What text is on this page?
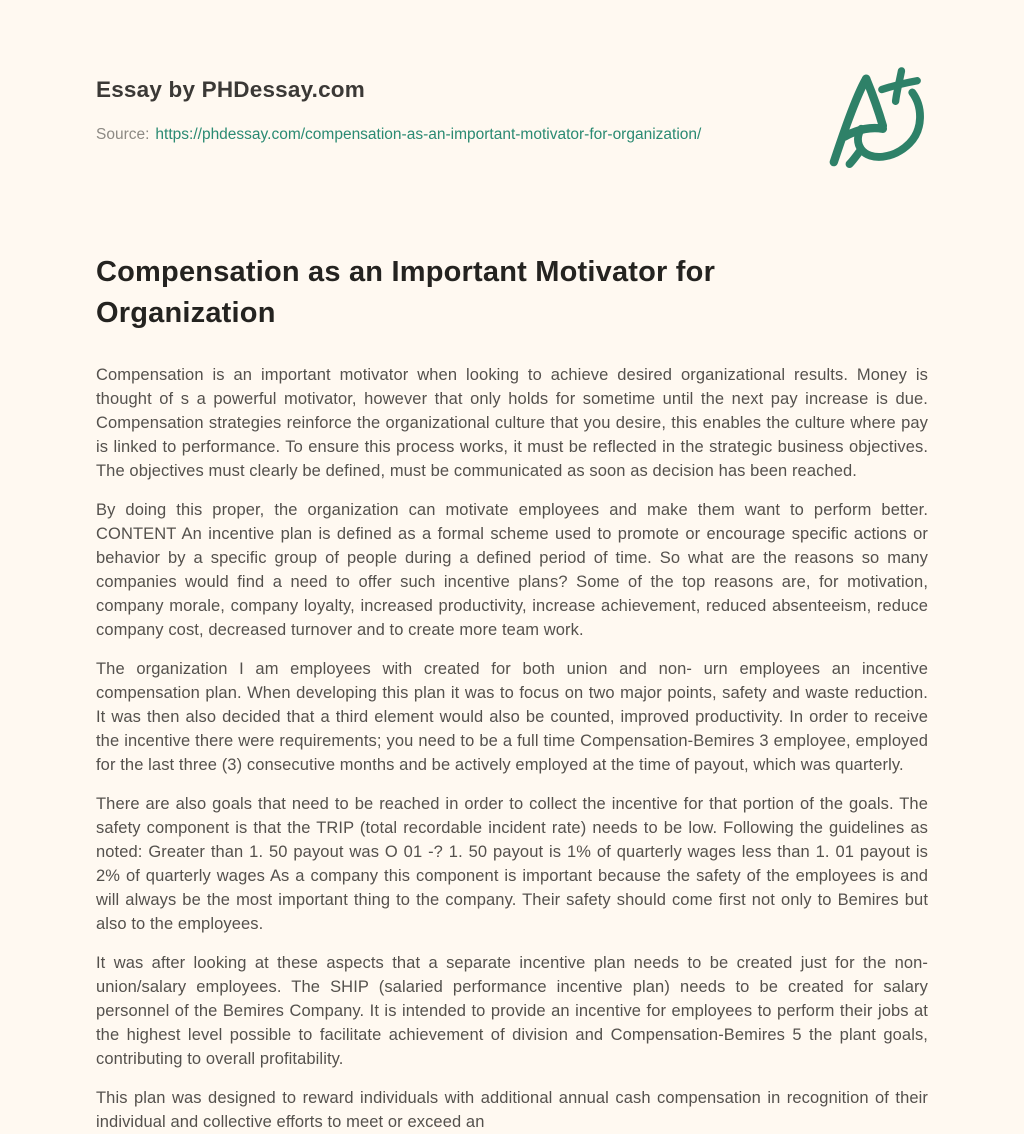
Essay by PHDessay.com
Source: https://phdessay.com/compensation-as-an-important-motivator-for-organization/
Compensation as an Important Motivator for Organization

Compensation is an important motivator when looking to achieve desired organizational results. Money is thought of s a powerful motivator, however that only holds for sometime until the next pay increase is due. Compensation strategies reinforce the organizational culture that you desire, this enables the culture where pay is linked to performance. To ensure this process works, it must be reflected in the strategic business objectives. The objectives must clearly be defined, must be communicated as soon as decision has been reached.

By doing this proper, the organization can motivate employees and make them want to perform better. CONTENT An incentive plan is defined as a formal scheme used to promote or encourage specific actions or behavior by a specific group of people during a defined period of time. So what are the reasons so many companies would find a need to offer such incentive plans? Some of the top reasons are, for motivation, company morale, company loyalty, increased productivity, increase achievement, reduced absenteeism, reduce company cost, decreased turnover and to create more team work.

The organization I am employees with created for both union and non- urn employees an incentive compensation plan. When developing this plan it was to focus on two major points, safety and waste reduction. It was then also decided that a third element would also be counted, improved productivity. In order to receive the incentive there were requirements; you need to be a full time Compensation-Bemires 3 employee, employed for the last three (3) consecutive months and be actively employed at the time of payout, which was quarterly.

There are also goals that need to be reached in order to collect the incentive for that portion of the goals. The safety component is that the TRIP (total recordable incident rate) needs to be low. Following the guidelines as noted: Greater than 1. 50 payout was O 01 -? 1. 50 payout is 1% of quarterly wages less than 1. 01 payout is 2% of quarterly wages As a company this component is important because the safety of the employees is and will always be the most important thing to the company. Their safety should come first not only to Bemires but also to the employees.

It was after looking at these aspects that a separate incentive plan needs to be created just for the non-union/salary employees. The SHIP (salaried performance incentive plan) needs to be created for salary personnel of the Bemires Company. It is intended to provide an incentive for employees to perform their jobs at the highest level possible to facilitate achievement of division and Compensation-Bemires 5 the plant goals, contributing to overall profitability.

This plan was designed to reward individuals with additional annual cash compensation in recognition of their individual and collective efforts to meet or exceed an
